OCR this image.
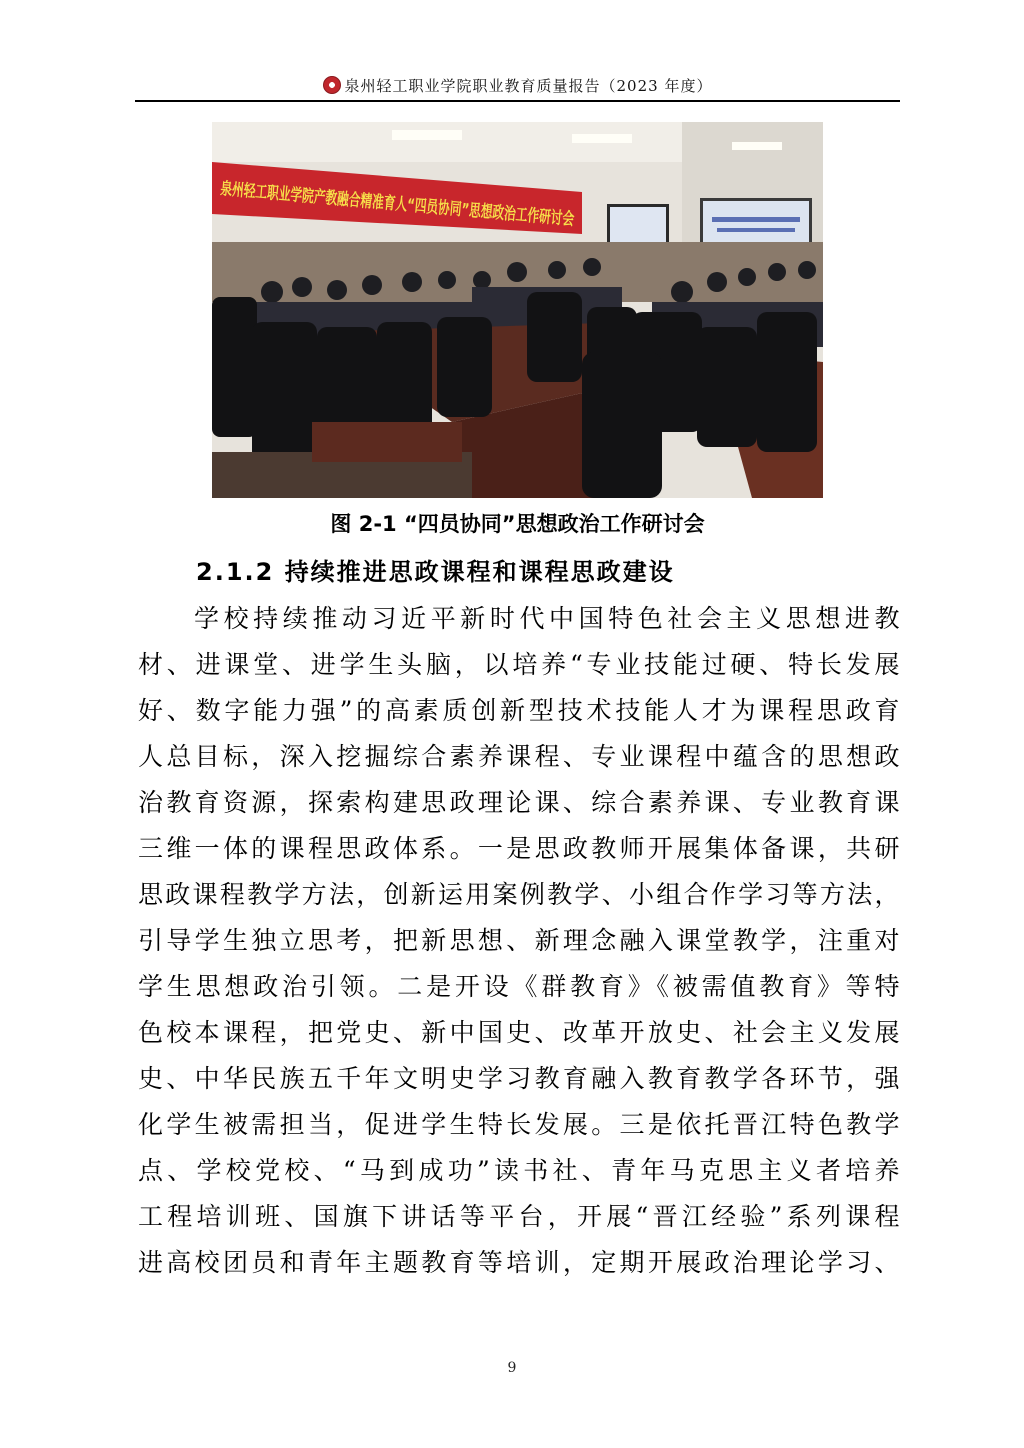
泉州轻工职业学院职业教育质量报告（2023 年度）
泉州轻工职业学院产教融合精准育人“四员协同”思想政治工作研讨会
图 2-1 “四员协同”思想政治工作研讨会
2.1.2 持续推进思政课程和课程思政建设
学校持续推动习近平新时代中国特色社会主义思想进教
材、进课堂、进学生头脑，以培养“专业技能过硬、特长发展
好、数字能力强”的高素质创新型技术技能人才为课程思政育
人总目标，深入挖掘综合素养课程、专业课程中蕴含的思想政
治教育资源，探索构建思政理论课、综合素养课、专业教育课
三维一体的课程思政体系。一是思政教师开展集体备课，共研
思政课程教学方法，创新运用案例教学、小组合作学习等方法，
引导学生独立思考，把新思想、新理念融入课堂教学，注重对
学生思想政治引领。二是开设《群教育》《被需值教育》等特
色校本课程，把党史、新中国史、改革开放史、社会主义发展
史、中华民族五千年文明史学习教育融入教育教学各环节，强
化学生被需担当，促进学生特长发展。三是依托晋江特色教学
点、学校党校、“马到成功”读书社、青年马克思主义者培养
工程培训班、国旗下讲话等平台，开展“晋江经验”系列课程
进高校团员和青年主题教育等培训，定期开展政治理论学习、
9
